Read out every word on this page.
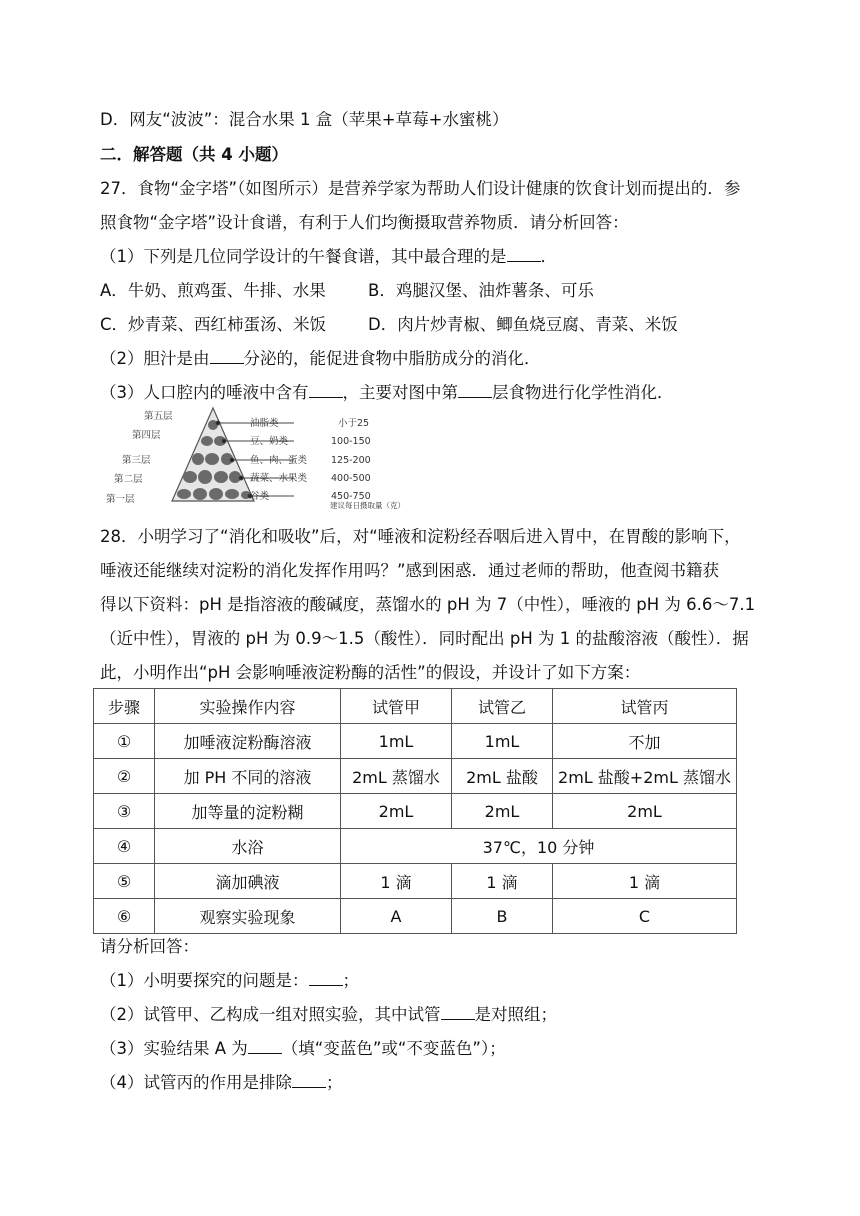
D．网友“波波”：混合水果 1 盒（苹果+草莓+水蜜桃）
二．解答题（共 4 小题）
27．食物“金字塔”（如图所示）是营养学家为帮助人们设计健康的饮食计划而提出的．参
照食物“金字塔”设计食谱，有利于人们均衡摄取营养物质．请分析回答：
（1）下列是几位同学设计的午餐食谱，其中最合理的是 ．
A．牛奶、煎鸡蛋、牛排、水果	B．鸡腿汉堡、油炸薯条、可乐
C．炒青菜、西红柿蛋汤、米饭	D．肉片炒青椒、鲫鱼烧豆腐、青菜、米饭
（2）胆汁是由 分泌的，能促进食物中脂肪成分的消化．
（3）人口腔内的唾液中含有 ，主要对图中第 层食物进行化学性消化．
第五层
第四层
第三层
第二层
第一层
油脂类
豆、奶类
鱼、肉、蛋类
蔬菜、水果类
谷类
小于25
100-150
125-200
400-500
450-750
建议每日摄取量（克）
28．小明学习了“消化和吸收”后，对“唾液和淀粉经吞咽后进入胃中，在胃酸的影响下，
唾液还能继续对淀粉的消化发挥作用吗？”感到困惑．通过老师的帮助，他查阅书籍获
得以下资料：pH 是指溶液的酸碱度，蒸馏水的 pH 为 7（中性），唾液的 pH 为 6.6～7.1
（近中性），胃液的 pH 为 0.9～1.5（酸性）．同时配出 pH 为 1 的盐酸溶液（酸性）．据
此，小明作出“pH 会影响唾液淀粉酶的活性”的假设，并设计了如下方案：
步骤	实验操作内容	试管甲	试管乙	试管丙
①	加唾液淀粉酶溶液	1mL	1mL	不加
②	加 PH 不同的溶液	2mL 蒸馏水	2mL 盐酸	2mL 盐酸+2mL 蒸馏水
③	加等量的淀粉糊	2mL	2mL	2mL
④	水浴	37℃，10 分钟		
⑤	滴加碘液	1 滴	1 滴	1 滴
⑥	观察实验现象	A	B	C
请分析回答：
（1）小明要探究的问题是： ；
（2）试管甲、乙构成一组对照实验，其中试管 是对照组；
（3）实验结果 A 为 （填“变蓝色”或“不变蓝色”）；
（4）试管丙的作用是排除 ；
